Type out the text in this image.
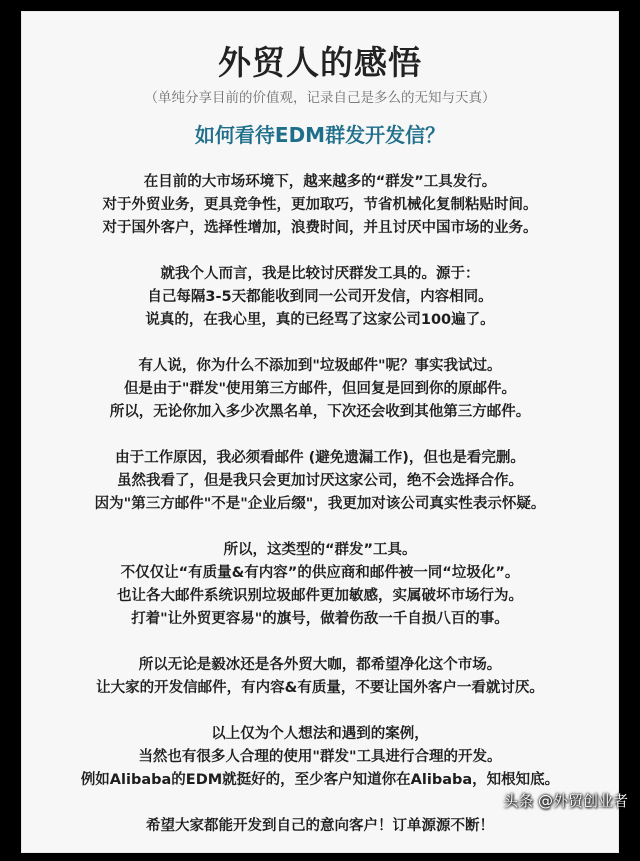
外贸人的感悟
（单纯分享目前的价值观，记录自己是多么的无知与天真）
如何看待EDM群发开发信？
在目前的大市场环境下，越来越多的“群发”工具发行。
对于外贸业务，更具竞争性，更加取巧，节省机械化复制粘贴时间。
对于国外客户，选择性增加，浪费时间，并且讨厌中国市场的业务。
就我个人而言，我是比较讨厌群发工具的。源于：
自己每隔3-5天都能收到同一公司开发信，内容相同。
说真的，在我心里，真的已经骂了这家公司100遍了。
有人说，你为什么不添加到"垃圾邮件"呢？事实我试过。
但是由于"群发"使用第三方邮件，但回复是回到你的原邮件。
所以，无论你加入多少次黑名单，下次还会收到其他第三方邮件。
由于工作原因，我必须看邮件 (避免遗漏工作)，但也是看完删。
虽然我看了，但是我只会更加讨厌这家公司，绝不会选择合作。
因为"第三方邮件"不是"企业后缀"，我更加对该公司真实性表示怀疑。
所以，这类型的“群发”工具。
不仅仅让“有质量&有内容”的供应商和邮件被一同“垃圾化”。
也让各大邮件系统识别垃圾邮件更加敏感，实属破坏市场行为。
打着"让外贸更容易"的旗号，做着伤敌一千自损八百的事。
所以无论是毅冰还是各外贸大咖，都希望净化这个市场。
让大家的开发信邮件，有内容&有质量，不要让国外客户一看就讨厌。
以上仅为个人想法和遇到的案例，
当然也有很多人合理的使用"群发"工具进行合理的开发。
例如Alibaba的EDM就挺好的，至少客户知道你在Alibaba，知根知底。
希望大家都能开发到自己的意向客户！订单源源不断！
头条 @外贸创业者
